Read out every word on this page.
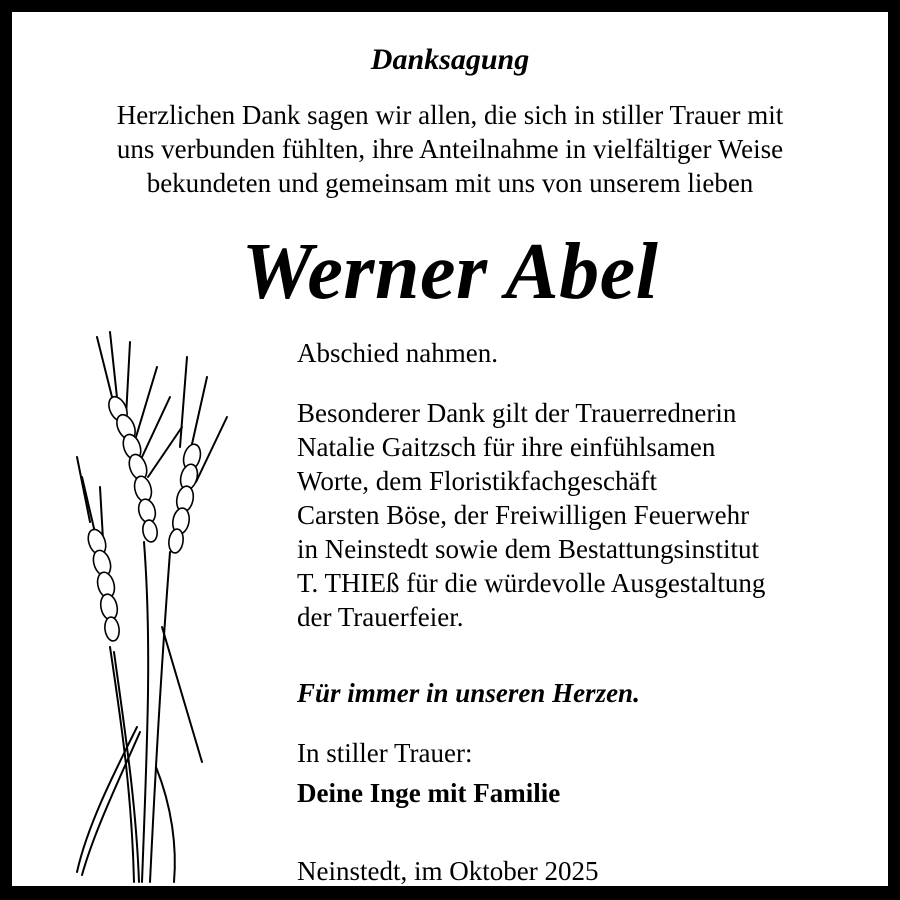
Danksagung

Herzlichen Dank sagen wir allen, die sich in stiller Trauer mit
uns verbunden fühlten, ihre Anteilnahme in vielfältiger Weise
bekundeten und gemeinsam mit uns von unserem lieben

Werner Abel

Abschied nahmen.

Besonderer Dank gilt der Trauerrednerin
Natalie Gaitzsch für ihre einfühlsamen
Worte, dem Floristikfachgeschäft
Carsten Böse, der Freiwilligen Feuerwehr
in Neinstedt sowie dem Bestattungsinstitut
T. THIEß für die würdevolle Ausgestaltung
der Trauerfeier.

Für immer in unseren Herzen.

In stiller Trauer:

Deine Inge mit Familie

Neinstedt, im Oktober 2025
